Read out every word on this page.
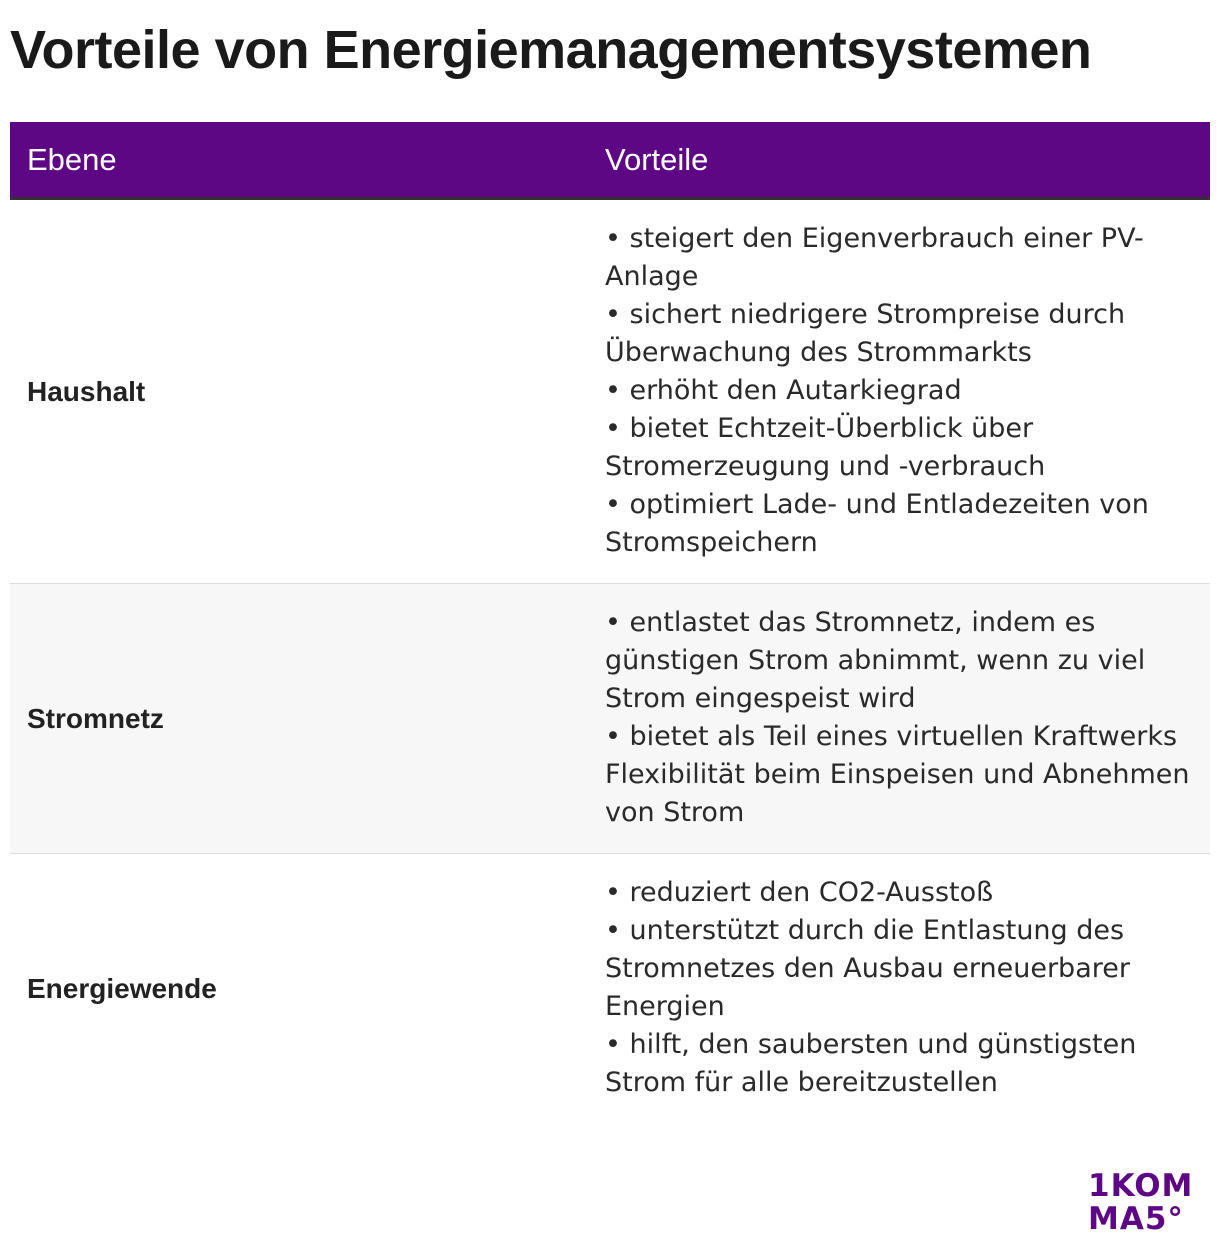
Vorteile von Energiemanagementsystemen
Ebene	Vorteile
Haushalt
• steigert den Eigenverbrauch einer PV-Anlage
• sichert niedrigere Strompreise durch Überwachung des Strommarkts
• erhöht den Autarkiegrad
• bietet Echtzeit-Überblick über Stromerzeugung und -verbrauch
• optimiert Lade- und Entladezeiten von Stromspeichern
Stromnetz
• entlastet das Stromnetz, indem es günstigen Strom abnimmt, wenn zu viel Strom eingespeist wird
• bietet als Teil eines virtuellen Kraftwerks Flexibilität beim Einspeisen und Abnehmen von Strom
Energiewende
• reduziert den CO2-Ausstoß
• unterstützt durch die Entlastung des Stromnetzes den Ausbau erneuerbarer Energien
• hilft, den saubersten und günstigsten Strom für alle bereitzustellen
1KOM
MA5°
